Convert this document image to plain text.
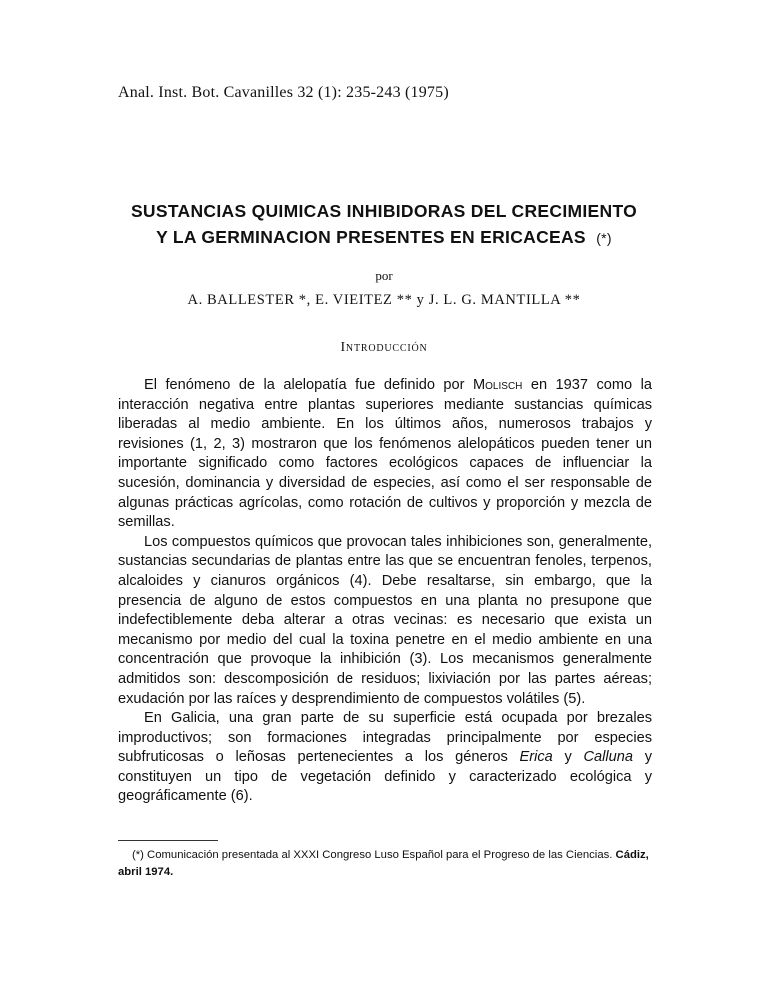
Anal. Inst. Bot. Cavanilles 32 (1): 235-243 (1975)
SUSTANCIAS QUIMICAS INHIBIDORAS DEL CRECIMIENTO
Y LA GERMINACION PRESENTES EN ERICACEAS (*)
por
A. BALLESTER *, E. VIEITEZ ** y J. L. G. MANTILLA **
Introducción

El fenómeno de la alelopatía fue definido por Molisch en 1937 como la interacción negativa entre plantas superiores mediante sustancias químicas liberadas al medio ambiente. En los últimos años, numerosos trabajos y revisiones (1, 2, 3) mostraron que los fenómenos alelopáticos pueden tener un importante significado como factores ecológicos capaces de influenciar la sucesión, dominancia y diversidad de especies, así como el ser responsable de algunas prácticas agrícolas, como rotación de cultivos y proporción y mezcla de semillas.

Los compuestos químicos que provocan tales inhibiciones son, generalmente, sustancias secundarias de plantas entre las que se encuentran fenoles, terpenos, alcaloides y cianuros orgánicos (4). Debe resaltarse, sin embargo, que la presencia de alguno de estos compuestos en una planta no presupone que indefectiblemente deba alterar a otras vecinas: es necesario que exista un mecanismo por medio del cual la toxina penetre en el medio ambiente en una concentración que provoque la inhibición (3). Los mecanismos generalmente admitidos son: descomposición de residuos; lixiviación por las partes aéreas; exudación por las raíces y desprendimiento de compuestos volátiles (5).

En Galicia, una gran parte de su superficie está ocupada por brezales improductivos; son formaciones integradas principalmente por especies subfruticosas o leñosas pertenecientes a los géneros Erica y Calluna y constituyen un tipo de vegetación definido y caracterizado ecológica y geográficamente (6).

(*) Comunicación presentada al XXXI Congreso Luso Español para el Progreso de las Ciencias. Cádiz, abril 1974.
